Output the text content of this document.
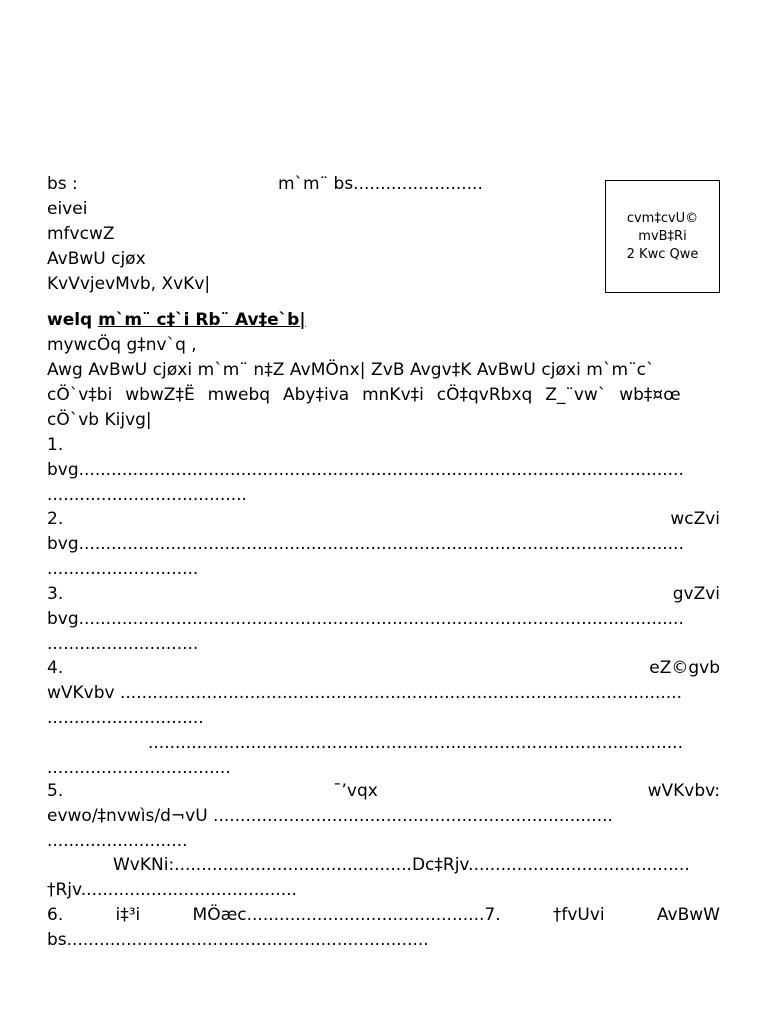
bs :	m`m¨ bs........................
eivei
mfvcwZ
AvBwU cjøx
KvVvjevMvb, XvKv|
cvm‡cvU©
mvB‡Ri
2 Kwc Qwe
welq m`m¨ c‡`i Rb¨ Av‡e`b|
mywcÖq g‡nv`q ,
Awg AvBwU cjøxi m`m¨ n‡Z AvMÖnx| ZvB Avgv‡K AvBwU cjøxi m`m¨c`
cÖ`v‡bi wbwZ‡Ë mwebq Aby‡iva mnKv‡i cÖ‡qvRbxq Z_¨vw` wb‡¤œ
cÖ`vb Kijvg|
1.
bvg................................................................................................................
.....................................
2.	wcZvi
bvg................................................................................................................
............................
3.	gvZvi
bvg................................................................................................................
............................
4.	eZ©gvb
wVKvbv ........................................................................................................
.............................
...................................................................................................
..................................
5.	¯’vqx	wVKvbv:
evwo/‡nvwìs/d¬vU ..........................................................................
..........................
WvKNi:............................................Dc‡Rjv.........................................
†Rjv........................................
6.	i‡³i	MÖæc............................................7.	†fvUvi	AvBwW
bs...................................................................
